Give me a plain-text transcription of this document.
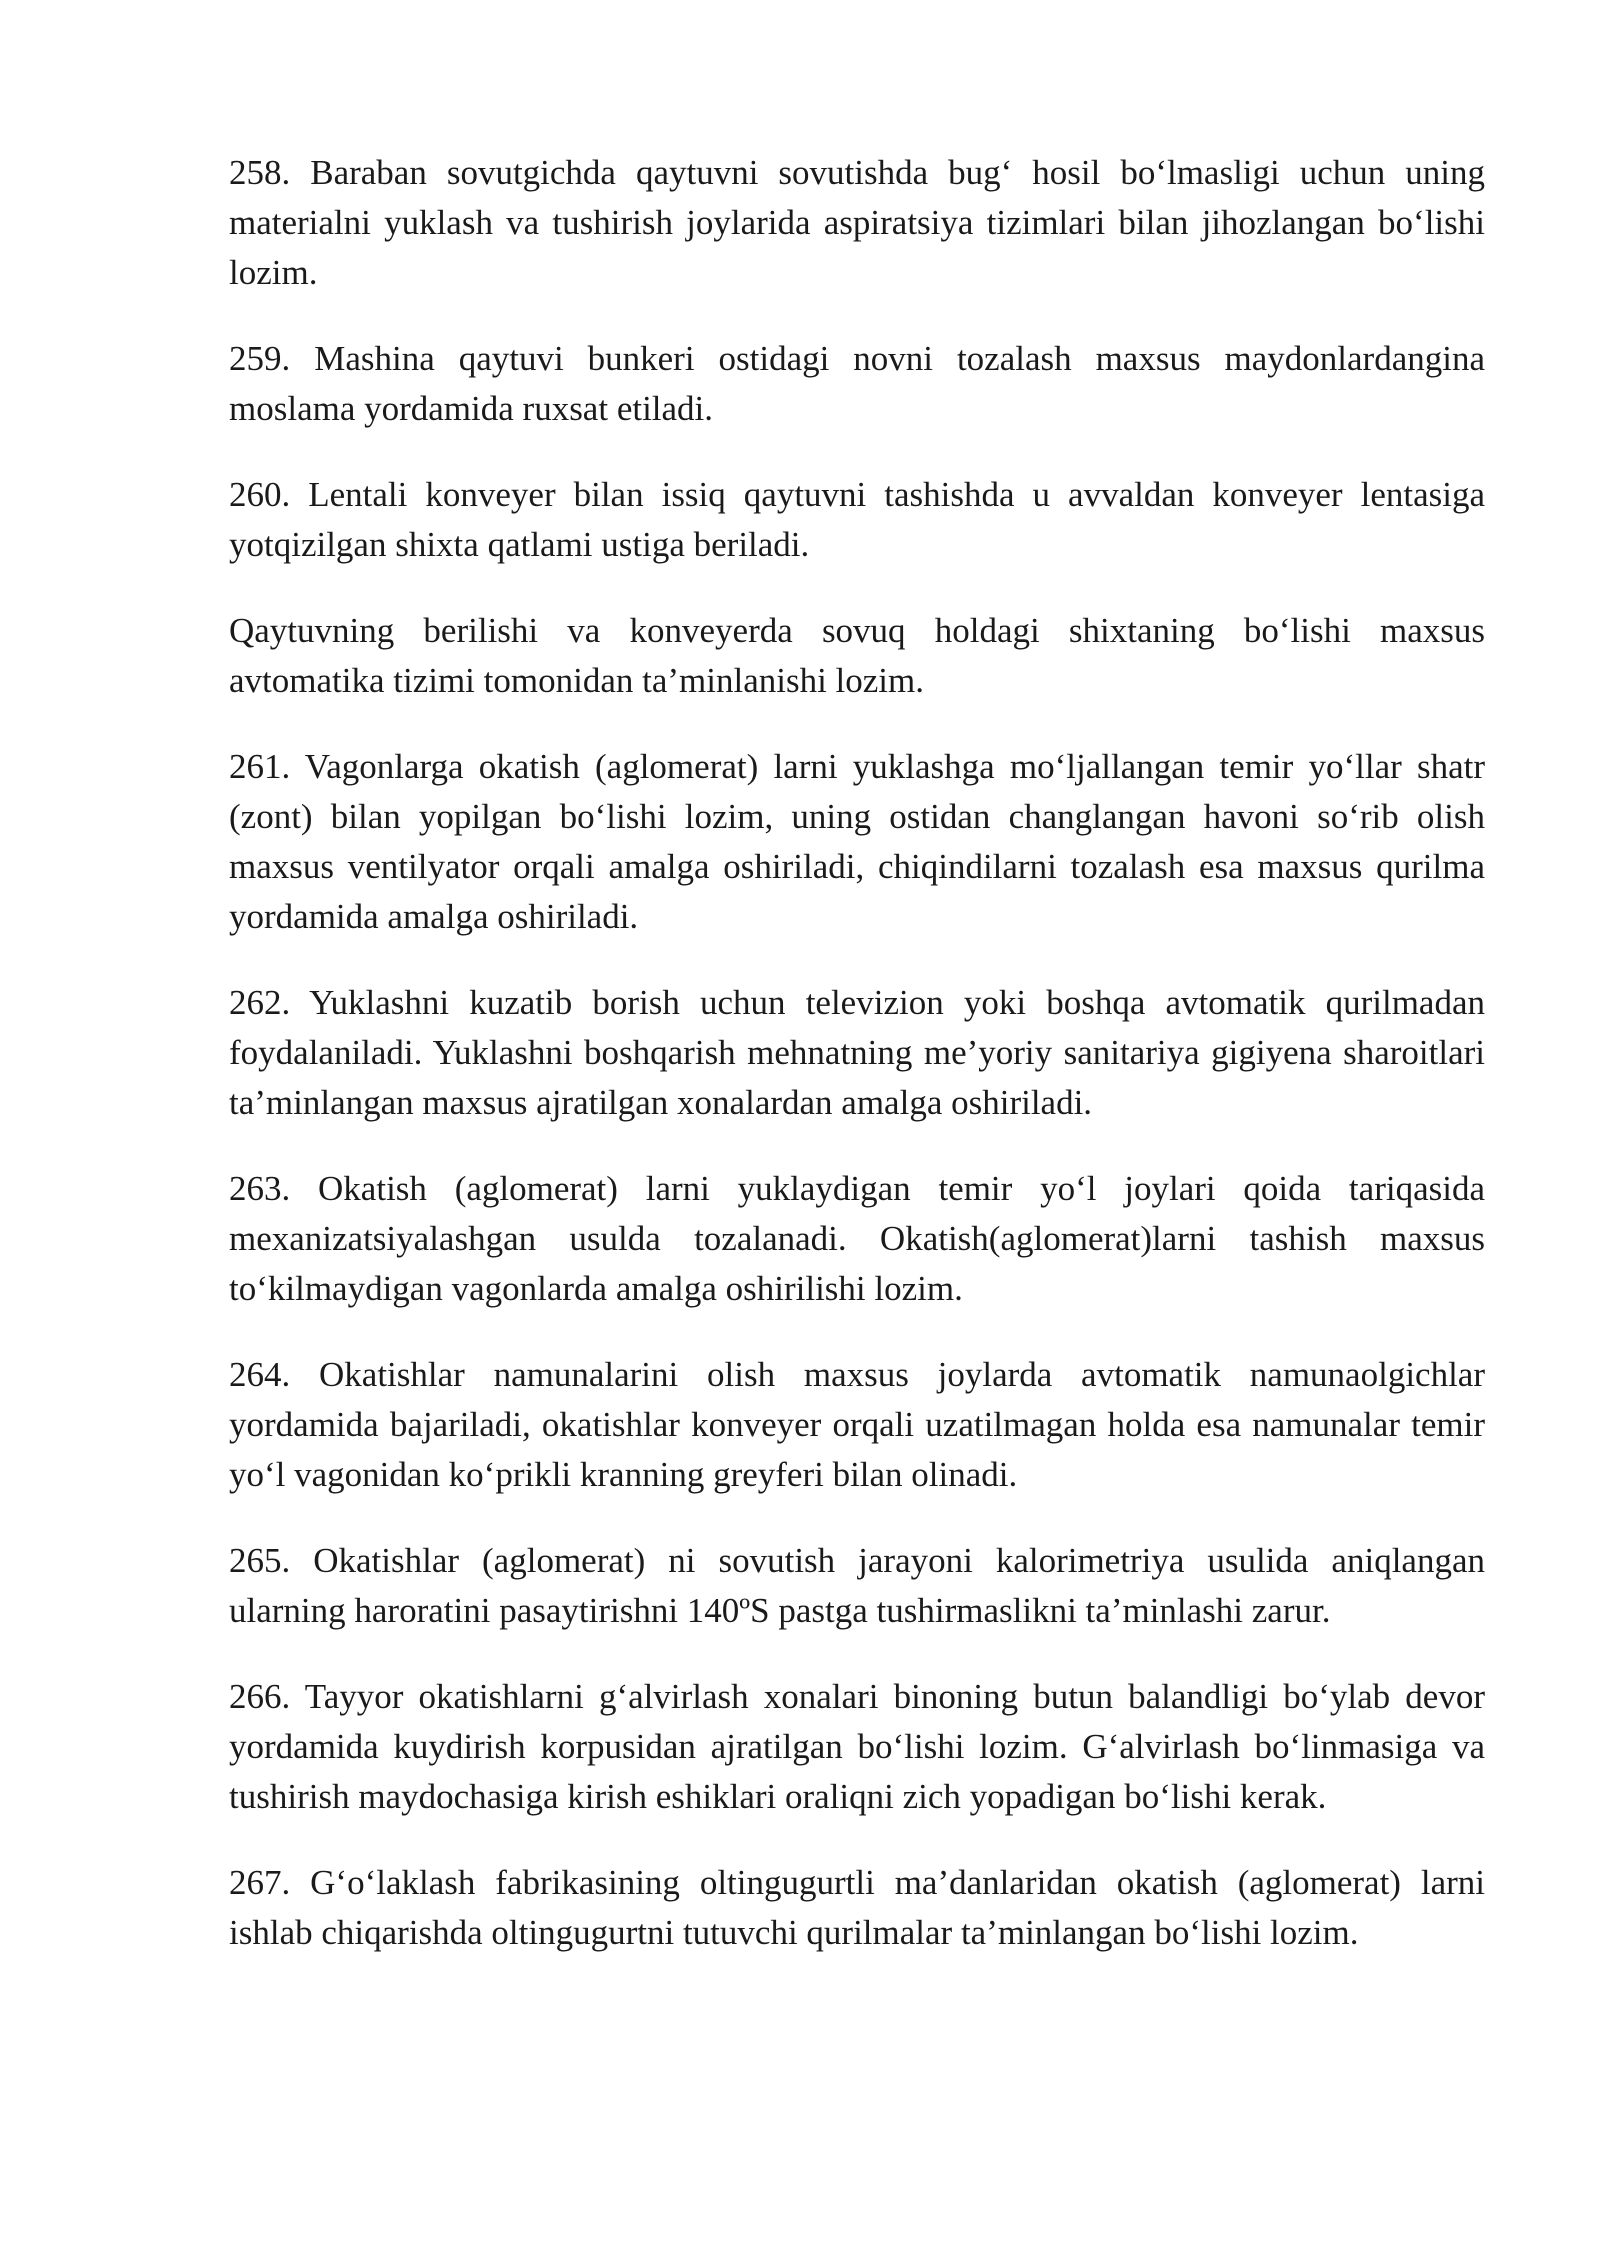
258. Baraban sovutgichda qaytuvni sovutishda bug‘ hosil bo‘lmasligi uchun uning materialni yuklash va tushirish joylarida aspiratsiya tizimlari bilan jihozlangan bo‘lishi lozim.

259. Mashina qaytuvi bunkeri ostidagi novni tozalash maxsus maydonlardangina moslama yordamida ruxsat etiladi.

260. Lentali konveyer bilan issiq qaytuvni tashishda u avvaldan konveyer lentasiga yotqizilgan shixta qatlami ustiga beriladi.

Qaytuvning berilishi va konveyerda sovuq holdagi shixtaning bo‘lishi maxsus avtomatika tizimi tomonidan ta’minlanishi lozim.

261. Vagonlarga okatish (aglomerat) larni yuklashga mo‘ljallangan temir yo‘llar shatr (zont) bilan yopilgan bo‘lishi lozim, uning ostidan changlangan havoni so‘rib olish maxsus ventilyator orqali amalga oshiriladi, chiqindilarni tozalash esa maxsus qurilma yordamida amalga oshiriladi.

262. Yuklashni kuzatib borish uchun televizion yoki boshqa avtomatik qurilmadan foydalaniladi. Yuklashni boshqarish mehnatning me’yoriy sanitariya gigiyena sharoitlari ta’minlangan maxsus ajratilgan xonalardan amalga oshiriladi.

263. Okatish (aglomerat) larni yuklaydigan temir yo‘l joylari qoida tariqasida mexanizatsiyalashgan usulda tozalanadi. Okatish(aglomerat)larni tashish maxsus to‘kilmaydigan vagonlarda amalga oshirilishi lozim.

264. Okatishlar namunalarini olish maxsus joylarda avtomatik namunaolgichlar yordamida bajariladi, okatishlar konveyer orqali uzatilmagan holda esa namunalar temir yo‘l vagonidan ko‘prikli kranning greyferi bilan olinadi.

265. Okatishlar (aglomerat) ni sovutish jarayoni kalorimetriya usulida aniqlangan ularning haroratini pasaytirishni 140ºS pastga tushirmaslikni ta’minlashi zarur.

266. Tayyor okatishlarni g‘alvirlash xonalari binoning butun balandligi bo‘ylab devor yordamida kuydirish korpusidan ajratilgan bo‘lishi lozim. G‘alvirlash bo‘linmasiga va tushirish maydochasiga kirish eshiklari oraliqni zich yopadigan bo‘lishi kerak.

267. G‘o‘laklash fabrikasining oltingugurtli ma’danlaridan okatish (aglomerat) larni ishlab chiqarishda oltingugurtni tutuvchi qurilmalar ta’minlangan bo‘lishi lozim.
